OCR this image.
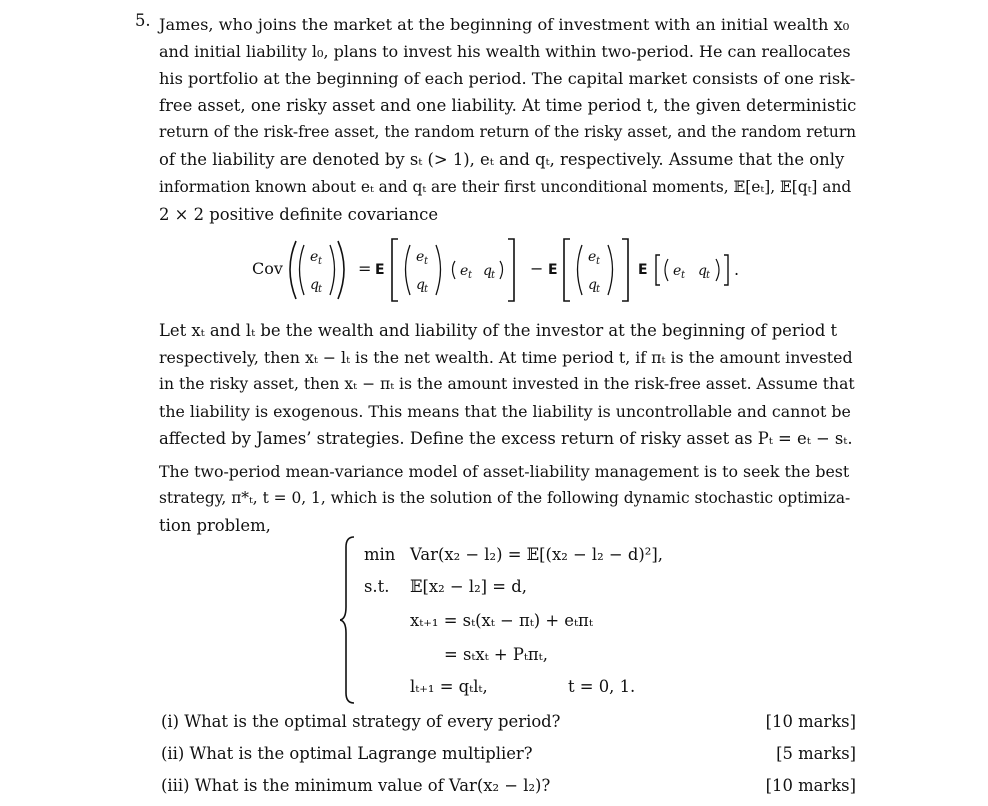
5. James, who joins the market at the beginning of investment with an initial wealth x₀
and initial liability l₀, plans to invest his wealth within two-period. He can reallocates
his portfolio at the beginning of each period. The capital market consists of one risk-
free asset, one risky asset and one liability. At time period t, the given deterministic
return of the risk-free asset, the random return of the risky asset, and the random return
of the liability are denoted by sₜ (> 1), eₜ and qₜ, respectively. Assume that the only
information known about eₜ and qₜ are their first unconditional moments, 𝔼[eₜ], 𝔼[qₜ] and
2 × 2 positive definite covariance
Cov
e t
q t
= E
e t
q t
e t q t − E
e t
q t
E e t q t .
Let xₜ and lₜ be the wealth and liability of the investor at the beginning of period t
respectively, then xₜ − lₜ is the net wealth. At time period t, if πₜ is the amount invested
in the risky asset, then xₜ − πₜ is the amount invested in the risk-free asset. Assume that
the liability is exogenous. This means that the liability is uncontrollable and cannot be
affected by James’ strategies. Define the excess return of risky asset as Pₜ = eₜ − sₜ.
The two-period mean-variance model of asset-liability management is to seek the best
strategy, π*ₜ, t = 0, 1, which is the solution of the following dynamic stochastic optimiza-
tion problem,
min Var(x₂ − l₂) = 𝔼[(x₂ − l₂ − d)²],
s.t. 𝔼[x₂ − l₂] = d,
xₜ₊₁ = sₜ(xₜ − πₜ) + eₜπₜ
= sₜxₜ + Pₜπₜ,
lₜ₊₁ = qₜlₜ,	t = 0, 1.
(i) What is the optimal strategy of every period?	[10 marks]
(ii) What is the optimal Lagrange multiplier?	[5 marks]
(iii) What is the minimum value of Var(x₂ − l₂)?	[10 marks]
